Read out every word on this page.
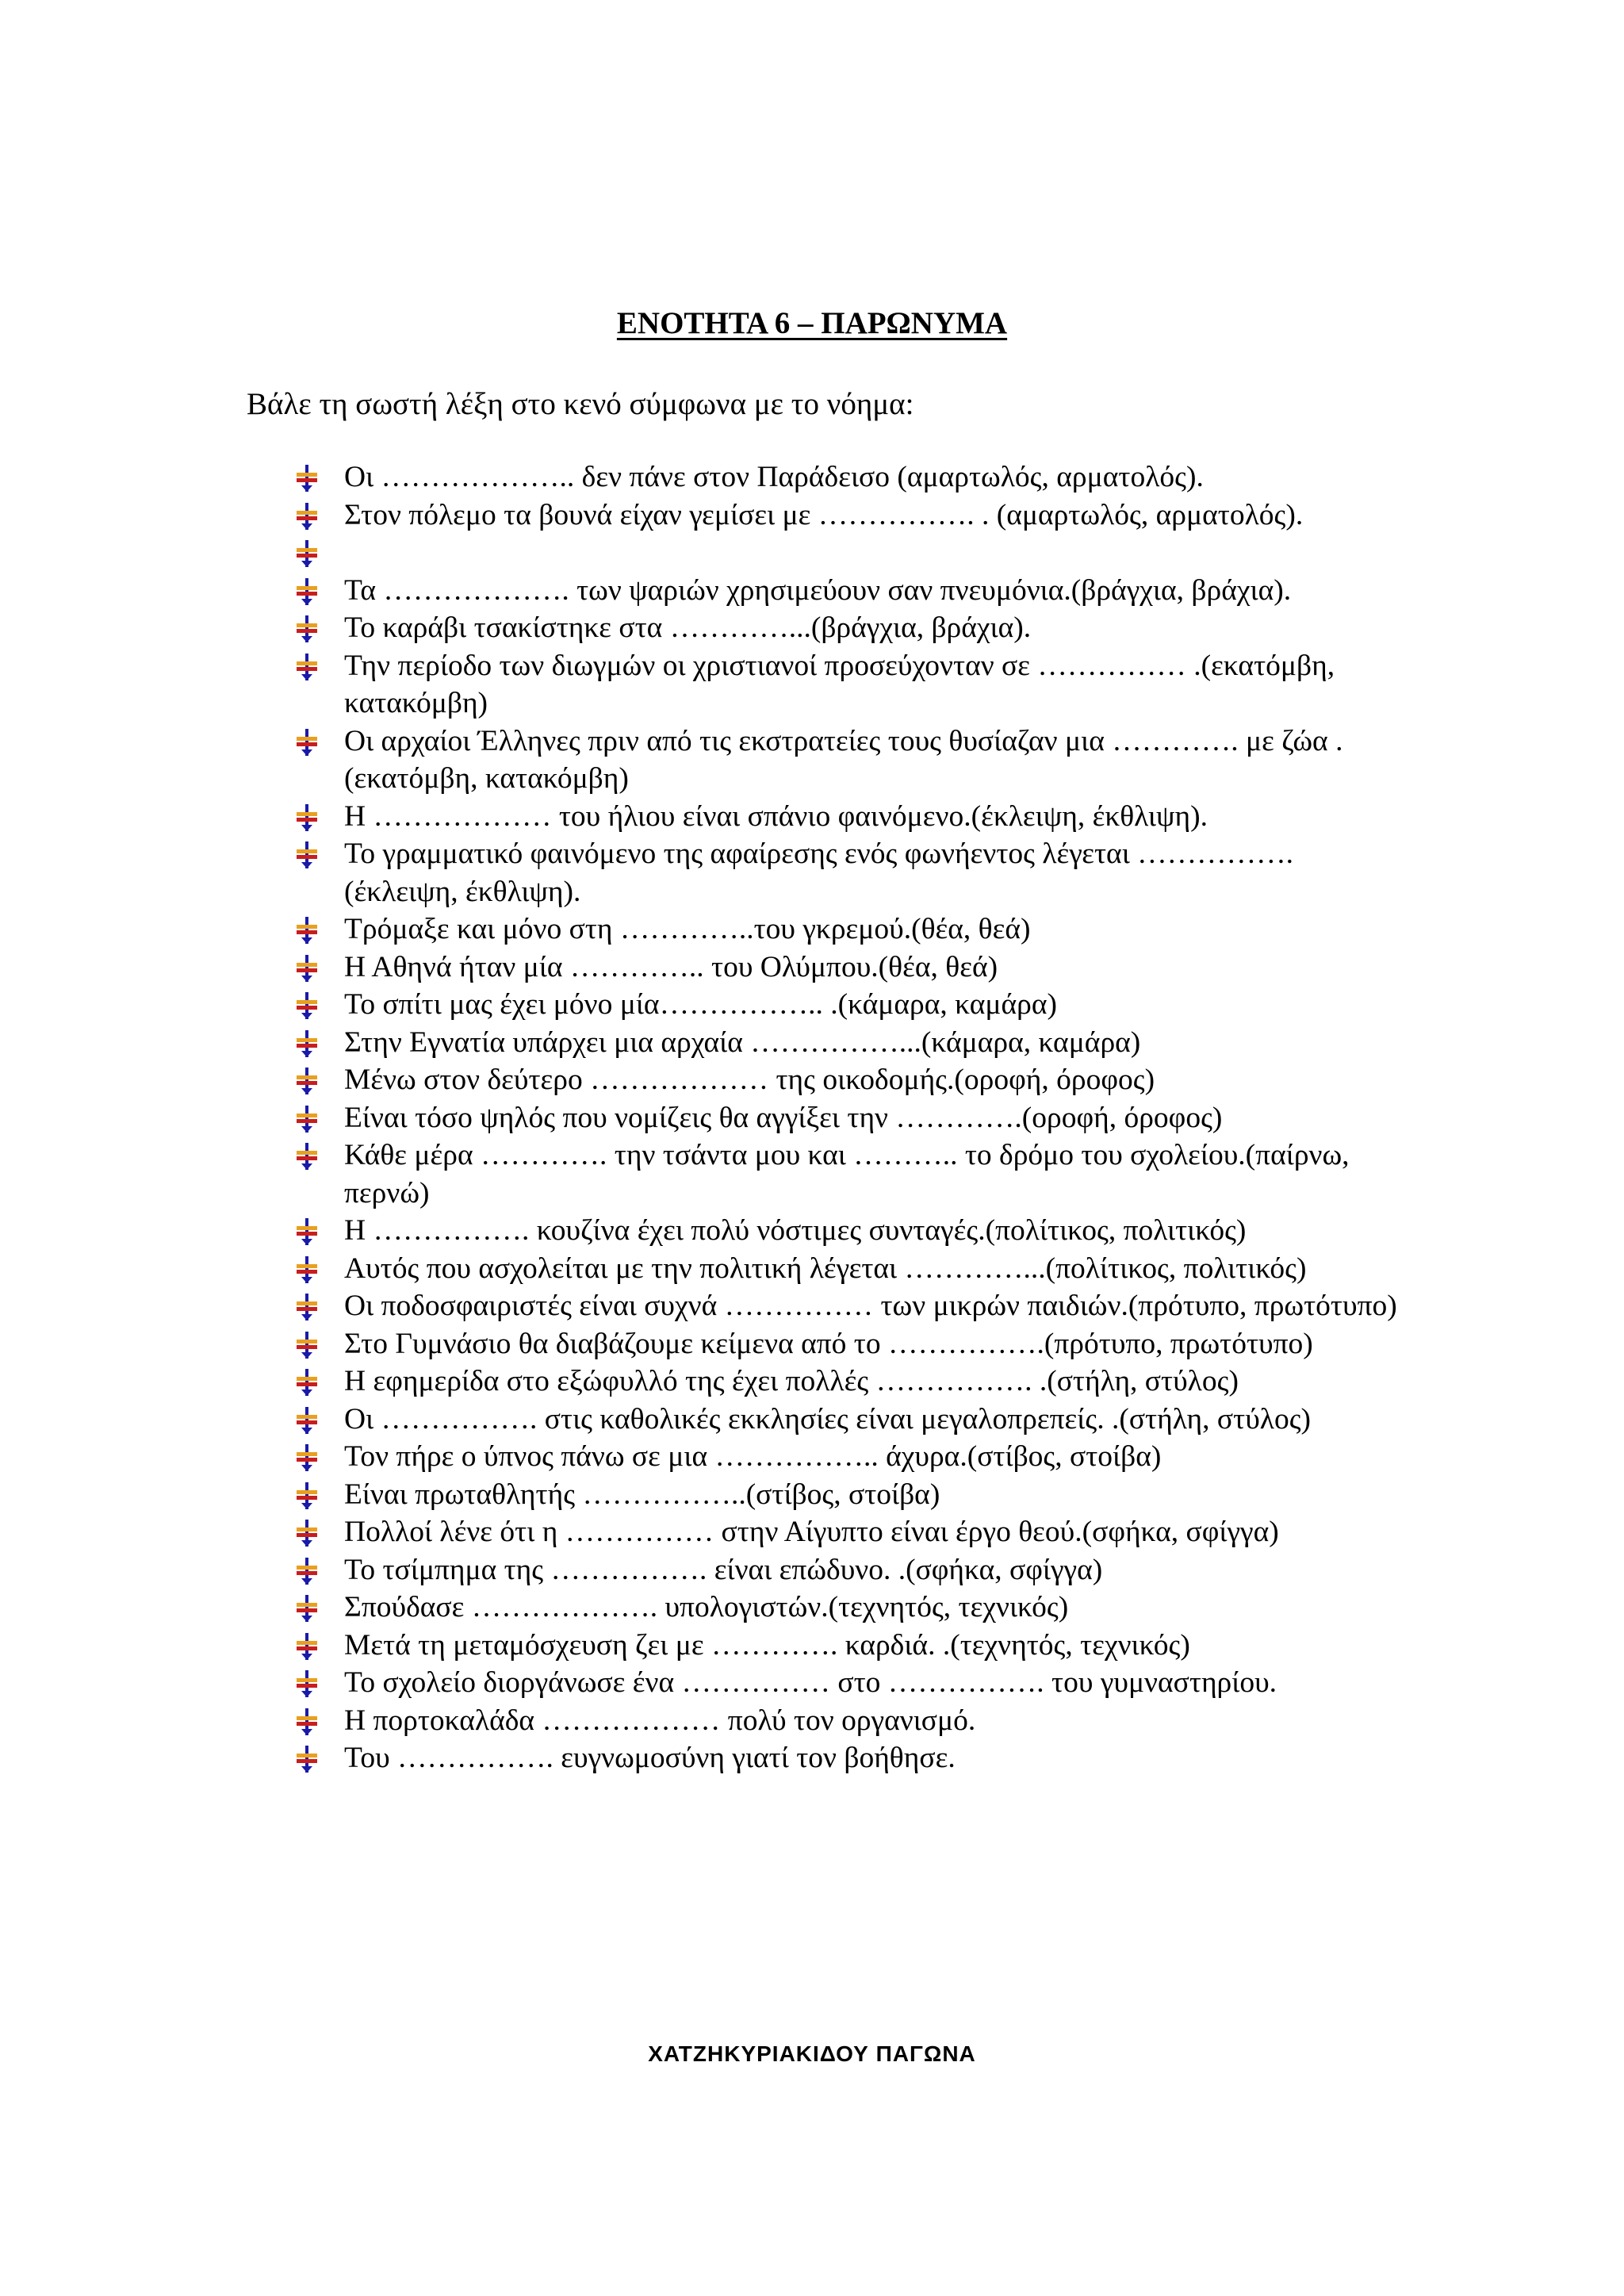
ΕΝΟΤΗΤΑ 6 – ΠΑΡΩΝΥΜΑ
Βάλε τη σωστή λέξη στο κενό σύμφωνα με το νόημα:
Οι ……………….. δεν πάνε στον Παράδεισο (αμαρτωλός, αρματολός).
Στον πόλεμο τα βουνά είχαν γεμίσει με ……………. . (αμαρτωλός, αρματολός).

Τα ………………. των ψαριών χρησιμεύουν σαν πνευμόνια.(βράγχια, βράχια).
Το καράβι τσακίστηκε στα …………...(βράγχια, βράχια).
Την περίοδο των διωγμών οι χριστιανοί προσεύχονταν σε …………… .(εκατόμβη, κατακόμβη)
Οι αρχαίοι Έλληνες πριν από τις εκστρατείες τους θυσίαζαν μια …………. με ζώα .(εκατόμβη, κατακόμβη)
Η ……………… του ήλιου είναι σπάνιο φαινόμενο.(έκλειψη, έκθλιψη).
Το γραμματικό φαινόμενο της αφαίρεσης ενός φωνήεντος λέγεται …………….(έκλειψη, έκθλιψη).
Τρόμαξε και μόνο στη …………..του γκρεμού.(θέα, θεά)
Η Αθηνά ήταν μία ………….. του Ολύμπου.(θέα, θεά)
Το σπίτι μας έχει μόνο μία…………….. .(κάμαρα, καμάρα)
Στην Εγνατία υπάρχει μια αρχαία ……………...(κάμαρα, καμάρα)
Μένω στον δεύτερο ……………… της οικοδομής.(οροφή, όροφος)
Είναι τόσο ψηλός που νομίζεις θα αγγίξει την ………….(οροφή, όροφος)
Κάθε μέρα …………. την τσάντα μου και ……….. το δρόμο του σχολείου.(παίρνω, περνώ)
Η ……………. κουζίνα έχει πολύ νόστιμες συνταγές.(πολίτικος, πολιτικός)
Αυτός που ασχολείται με την πολιτική λέγεται …………...(πολίτικος, πολιτικός)
Οι ποδοσφαιριστές είναι συχνά …………… των μικρών παιδιών.(πρότυπο, πρωτότυπο)
Στο Γυμνάσιο θα διαβάζουμε κείμενα από το …………….(πρότυπο, πρωτότυπο)
Η εφημερίδα στο εξώφυλλό της έχει πολλές ……………. .(στήλη, στύλος)
Οι ……………. στις καθολικές εκκλησίες είναι μεγαλοπρεπείς. .(στήλη, στύλος)
Τον πήρε ο ύπνος πάνω σε μια …………….. άχυρα.(στίβος, στοίβα)
Είναι πρωταθλητής ……………..(στίβος, στοίβα)
Πολλοί λένε ότι η …………… στην Αίγυπτο είναι έργο θεού.(σφήκα, σφίγγα)
Το τσίμπημα της ……………. είναι επώδυνο. .(σφήκα, σφίγγα)
Σπούδασε ………………. υπολογιστών.(τεχνητός, τεχνικός)
Μετά τη μεταμόσχευση ζει με …………. καρδιά. .(τεχνητός, τεχνικός)
Το σχολείο διοργάνωσε ένα …………… στο ……………. του γυμναστηρίου.
Η πορτοκαλάδα ……………… πολύ τον οργανισμό.
Του ……………. ευγνωμοσύνη γιατί τον βοήθησε.
ΧΑΤΖΗΚΥΡΙΑΚΙΔΟΥ ΠΑΓΩΝΑ
